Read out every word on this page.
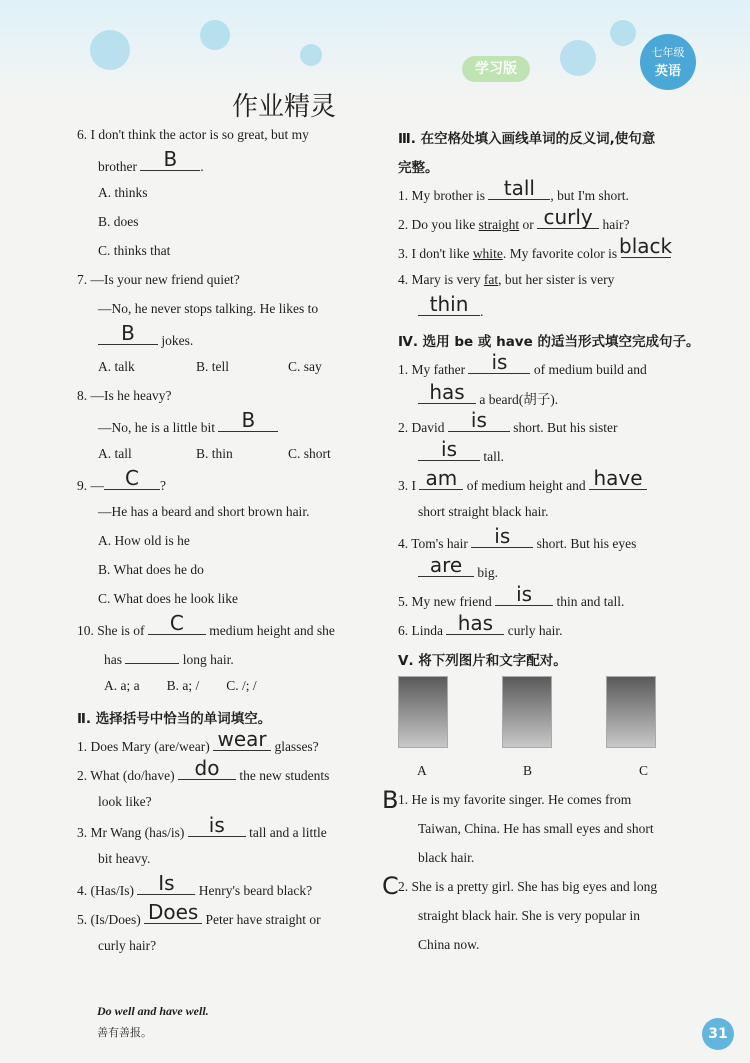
学习版
七年级
英语
作业精灵
6. I don't think the actor is so great, but my
brother B .
A. thinks
B. does
C. thinks that
7. —Is your new friend quiet?
—No, he never stops talking. He likes to
B jokes.
A. talk	B. tell	C. say
8. —Is he heavy?
—No, he is a little bit B
A. tall	B. thin	C. short
9. — C ?
—He has a beard and short brown hair.
A. How old is he
B. What does he do
C. What does he look like
10. She is of C medium height and she
has	long hair.
A. a; a        B. a; /        C. /; /
Ⅱ. 选择括号中恰当的单词填空。
1. Does Mary (are/wear) wear glasses?
2. What (do/have) do the new students
look like?
3. Mr Wang (has/is) is tall and a little
bit heavy.
4. (Has/Is) Is Henry's beard black?
5. (Is/Does) Does Peter have straight or
curly hair?
Ⅲ. 在空格处填入画线单词的反义词,使句意
完整。
1. My brother is tall , but I'm short.
2. Do you like straight or curly hair?
3. I don't like white. My favorite color is black
4. Mary is very fat, but her sister is very
thin .
Ⅳ. 选用 be 或 have 的适当形式填空完成句子。
1. My father is of medium build and
has a beard(胡子).
2. David is short. But his sister
is tall.
3. I am of medium height and have
short straight black hair.
4. Tom's hair is short. But his eyes
are big.
5. My new friend is thin and tall.
6. Linda has curly hair.
Ⅴ. 将下列图片和文字配对。
A	B	C
B 1. He is my favorite singer. He comes from
Taiwan, China. He has small eyes and short
black hair.
C 2. She is a pretty girl. She has big eyes and long
straight black hair. She is very popular in
China now.
Do well and have well.
善有善报。	31
